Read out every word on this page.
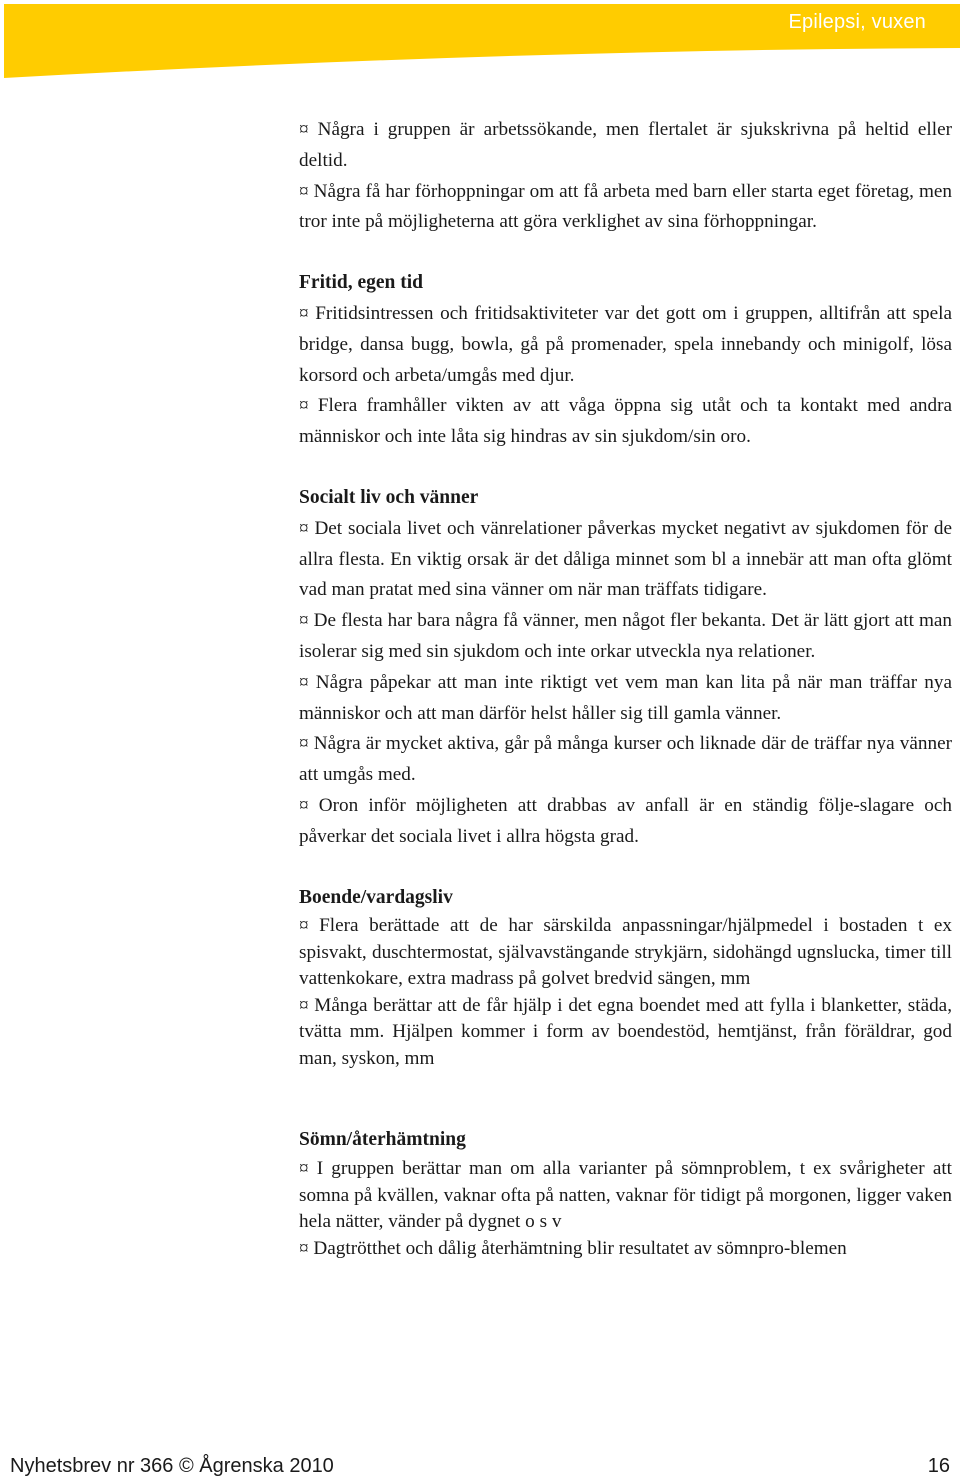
Epilepsi, vuxen

¤ Några i gruppen är arbetssökande, men flertalet är sjukskrivna på heltid eller deltid.

¤ Några få har förhoppningar om att få arbeta med barn eller starta eget företag, men tror inte på möjligheterna att göra verklighet av sina förhoppningar.

Fritid, egen tid

¤ Fritidsintressen och fritidsaktiviteter var det gott om i gruppen, alltifrån att spela bridge, dansa bugg, bowla, gå på promenader, spela innebandy och minigolf, lösa korsord och arbeta/umgås med djur.

¤ Flera framhåller vikten av att våga öppna sig utåt och ta kontakt med andra människor och inte låta sig hindras av sin sjukdom/sin oro.

Socialt liv och vänner

¤ Det sociala livet och vänrelationer påverkas mycket negativt av sjukdomen för de allra flesta. En viktig orsak är det dåliga minnet som bl a innebär att man ofta glömt vad man pratat med sina vänner om när man träffats tidigare.

¤ De flesta har bara några få vänner, men något fler bekanta. Det är lätt gjort att man isolerar sig med sin sjukdom och inte orkar utveckla nya relationer.

¤ Några påpekar att man inte riktigt vet vem man kan lita på när man träffar nya människor och att man därför helst håller sig till gamla vänner.

¤ Några är mycket aktiva, går på många kurser och liknade där de träffar nya vänner att umgås med.

¤ Oron inför möjligheten att drabbas av anfall är en ständig följe-slagare och påverkar det sociala livet i allra högsta grad.

Boende/vardagsliv

¤ Flera berättade att de har särskilda anpassningar/hjälpmedel i bostaden t ex spisvakt, duschtermostat, självavstängande strykjärn, sidohängd ugnslucka, timer till vattenkokare, extra madrass på golvet bredvid sängen, mm

¤ Många berättar att de får hjälp i det egna boendet med att fylla i blanketter, städa, tvätta mm. Hjälpen kommer i form av boendestöd, hemtjänst, från föräldrar, god man, syskon, mm

Sömn/återhämtning

¤ I gruppen berättar man om alla varianter på sömnproblem, t ex svårigheter att somna på kvällen, vaknar ofta på natten, vaknar för tidigt på morgonen, ligger vaken hela nätter, vänder på dygnet o s v

¤ Dagtrötthet och dålig återhämtning blir resultatet av sömnpro-blemen

Nyhetsbrev nr 366 © Ågrenska 2010	16
